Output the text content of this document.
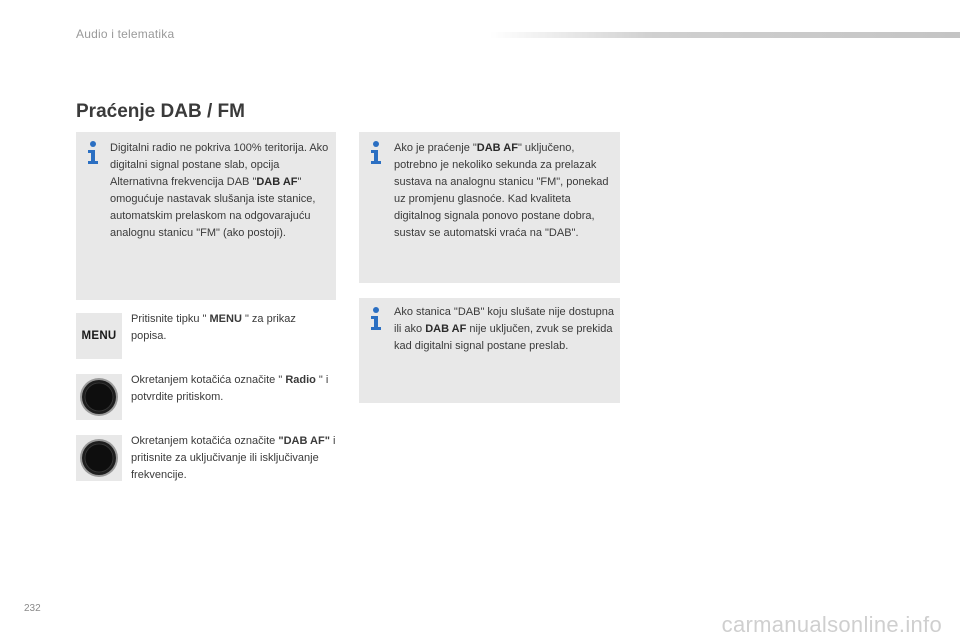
Audio i telematika
Praćenje DAB / FM
Digitalni radio ne pokriva 100% teritorija. Ako digitalni signal postane slab, opcija Alternativna frekvencija DAB "DAB AF" omogućuje nastavak slušanja iste stanice, automatskim prelaskom na odgovarajuću analognu stanicu "FM" (ako postoji).
Ako je praćenje "DAB AF" uključeno, potrebno je nekoliko sekunda za prelazak sustava na analognu stanicu "FM", ponekad uz promjenu glasnoće. Kad kvaliteta digitalnog signala ponovo postane dobra, sustav se automatski vraća na "DAB".
Ako stanica "DAB" koju slušate nije dostupna ili ako DAB AF nije uključen, zvuk se prekida kad digitalni signal postane preslab.
MENU
Pritisnite tipku " MENU " za prikaz popisa.
Okretanjem kotačića označite " Radio " i potvrdite pritiskom.
Okretanjem kotačića označite "DAB AF" i pritisnite za uključivanje ili isključivanje frekvencije.
232
carmanualsonline.info
